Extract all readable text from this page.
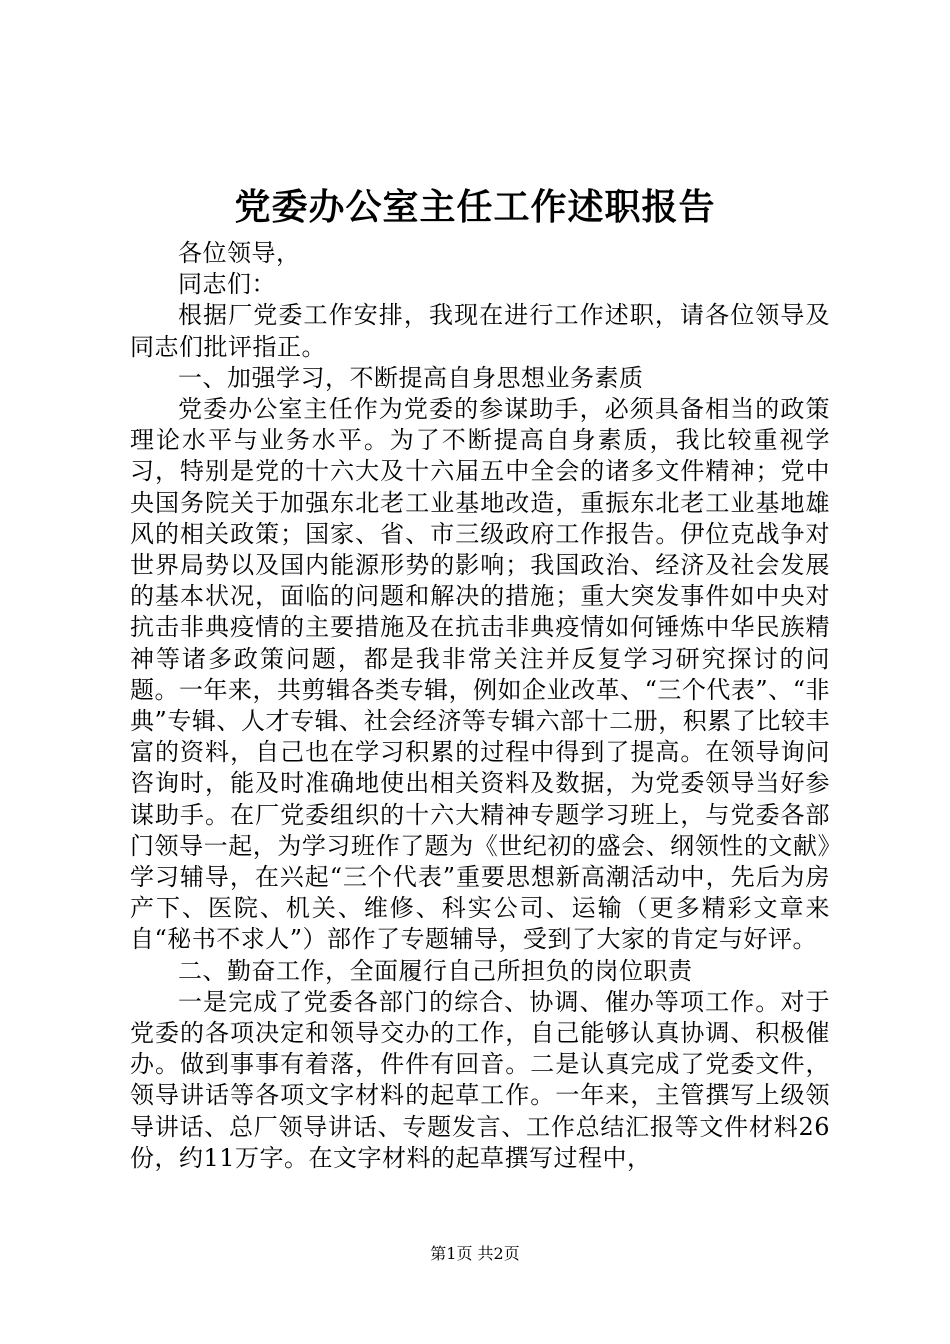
党委办公室主任工作述职报告

各位领导，

同志们：

根据厂党委工作安排，我现在进行工作述职，请各位领导及同志们批评指正。

一、加强学习，不断提高自身思想业务素质

党委办公室主任作为党委的参谋助手，必须具备相当的政策理论水平与业务水平。为了不断提高自身素质，我比较重视学习，特别是党的十六大及十六届五中全会的诸多文件精神；党中央国务院关于加强东北老工业基地改造，重振东北老工业基地雄风的相关政策；国家、省、市三级政府工作报告。伊位克战争对世界局势以及国内能源形势的影响；我国政治、经济及社会发展的基本状况，面临的问题和解决的措施；重大突发事件如中央对抗击非典疫情的主要措施及在抗击非典疫情如何锤炼中华民族精神等诸多政策问题，都是我非常关注并反复学习研究探讨的问题。一年来，共剪辑各类专辑，例如企业改革、“三个代表”、“非典”专辑、人才专辑、社会经济等专辑六部十二册，积累了比较丰富的资料，自己也在学习积累的过程中得到了提高。在领导询问咨询时，能及时准确地使出相关资料及数据，为党委领导当好参谋助手。在厂党委组织的十六大精神专题学习班上，与党委各部门领导一起，为学习班作了题为《世纪初的盛会、纲领性的文献》学习辅导，在兴起“三个代表”重要思想新高潮活动中，先后为房产下、医院、机关、维修、科实公司、运输（更多精彩文章来自“秘书不求人”）部作了专题辅导，受到了大家的肯定与好评。

二、勤奋工作，全面履行自己所担负的岗位职责

一是完成了党委各部门的综合、协调、催办等项工作。对于党委的各项决定和领导交办的工作，自己能够认真协调、积极催办。做到事事有着落，件件有回音。二是认真完成了党委文件，领导讲话等各项文字材料的起草工作。一年来，主管撰写上级领导讲话、总厂领导讲话、专题发言、工作总结汇报等文件材料26份，约11万字。在文字材料的起草撰写过程中，

第1页 共2页
